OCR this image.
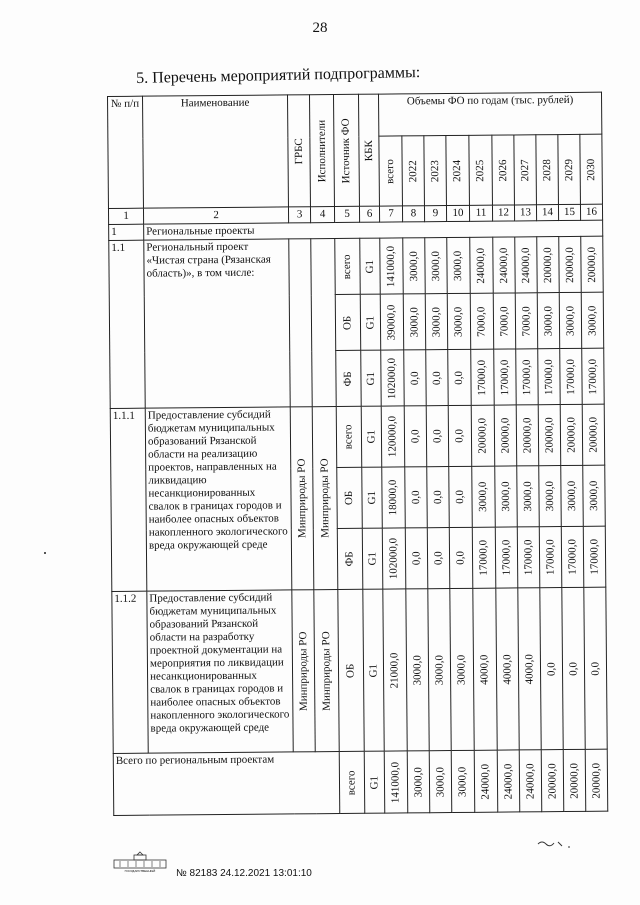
28
5. Перечень мероприятий подпрограммы:
№ п/п	Наименование	ГРБС	Исполнители	Источник ФО	КБК	Объемы ФО по годам (тыс. рублей)									

						всего	2022	2023	2024	2025	2026	2027	2028	2029	2030

1	2	3	4	5	6	7	8	9	10	11	12	13	14	15	16
1	Региональные проекты														
1.1	Региональный проект «Чистая страна (Рязанская область)», в том числе:			всего	G1	141000,0	3000,0	3000,0	3000,0	24000,0	24000,0	24000,0	20000,0	20000,0	20000,0

				ОБ	G1	39000,0	3000,0	3000,0	3000,0	7000,0	7000,0	7000,0	3000,0	3000,0	3000,0

				ФБ	G1	102000,0	0,0	0,0	0,0	17000,0	17000,0	17000,0	17000,0	17000,0	17000,0

1.1.1	Предоставление субсидий бюджетам муниципальных образований Рязанской области на реализацию проектов, направленных на ликвидацию несанкционированных свалок в границах городов и наиболее опасных объектов накопленного экологического вреда окружающей среде	Минприроды РО	Минприроды РО	всего	G1	120000,0	0,0	0,0	0,0	20000,0	20000,0	20000,0	20000,0	20000,0	20000,0

				ОБ	G1	18000,0	0,0	0,0	0,0	3000,0	3000,0	3000,0	3000,0	3000,0	3000,0

				ФБ	G1	102000,0	0,0	0,0	0,0	17000,0	17000,0	17000,0	17000,0	17000,0	17000,0

1.1.2	Предоставление субсидий бюджетам муниципальных образований Рязанской области на разработку проектной документации на мероприятия по ликвидации несанкционированных свалок в границах городов и наиболее опасных объектов накопленного экологического вреда окружающей среде	Минприроды РО	Минприроды РО	ОБ	G1	21000,0	3000,0	3000,0	3000,0	4000,0	4000,0	4000,0	0,0	0,0	0,0

Всего по региональным проектам				всего	G1	141000,0	3000,0	3000,0	3000,0	24000,0	24000,0	24000,0	20000,0	20000,0	20000,0
ГОСУДАРСТВЕННЫЙ № 82183 24.12.2021 13:01:10
